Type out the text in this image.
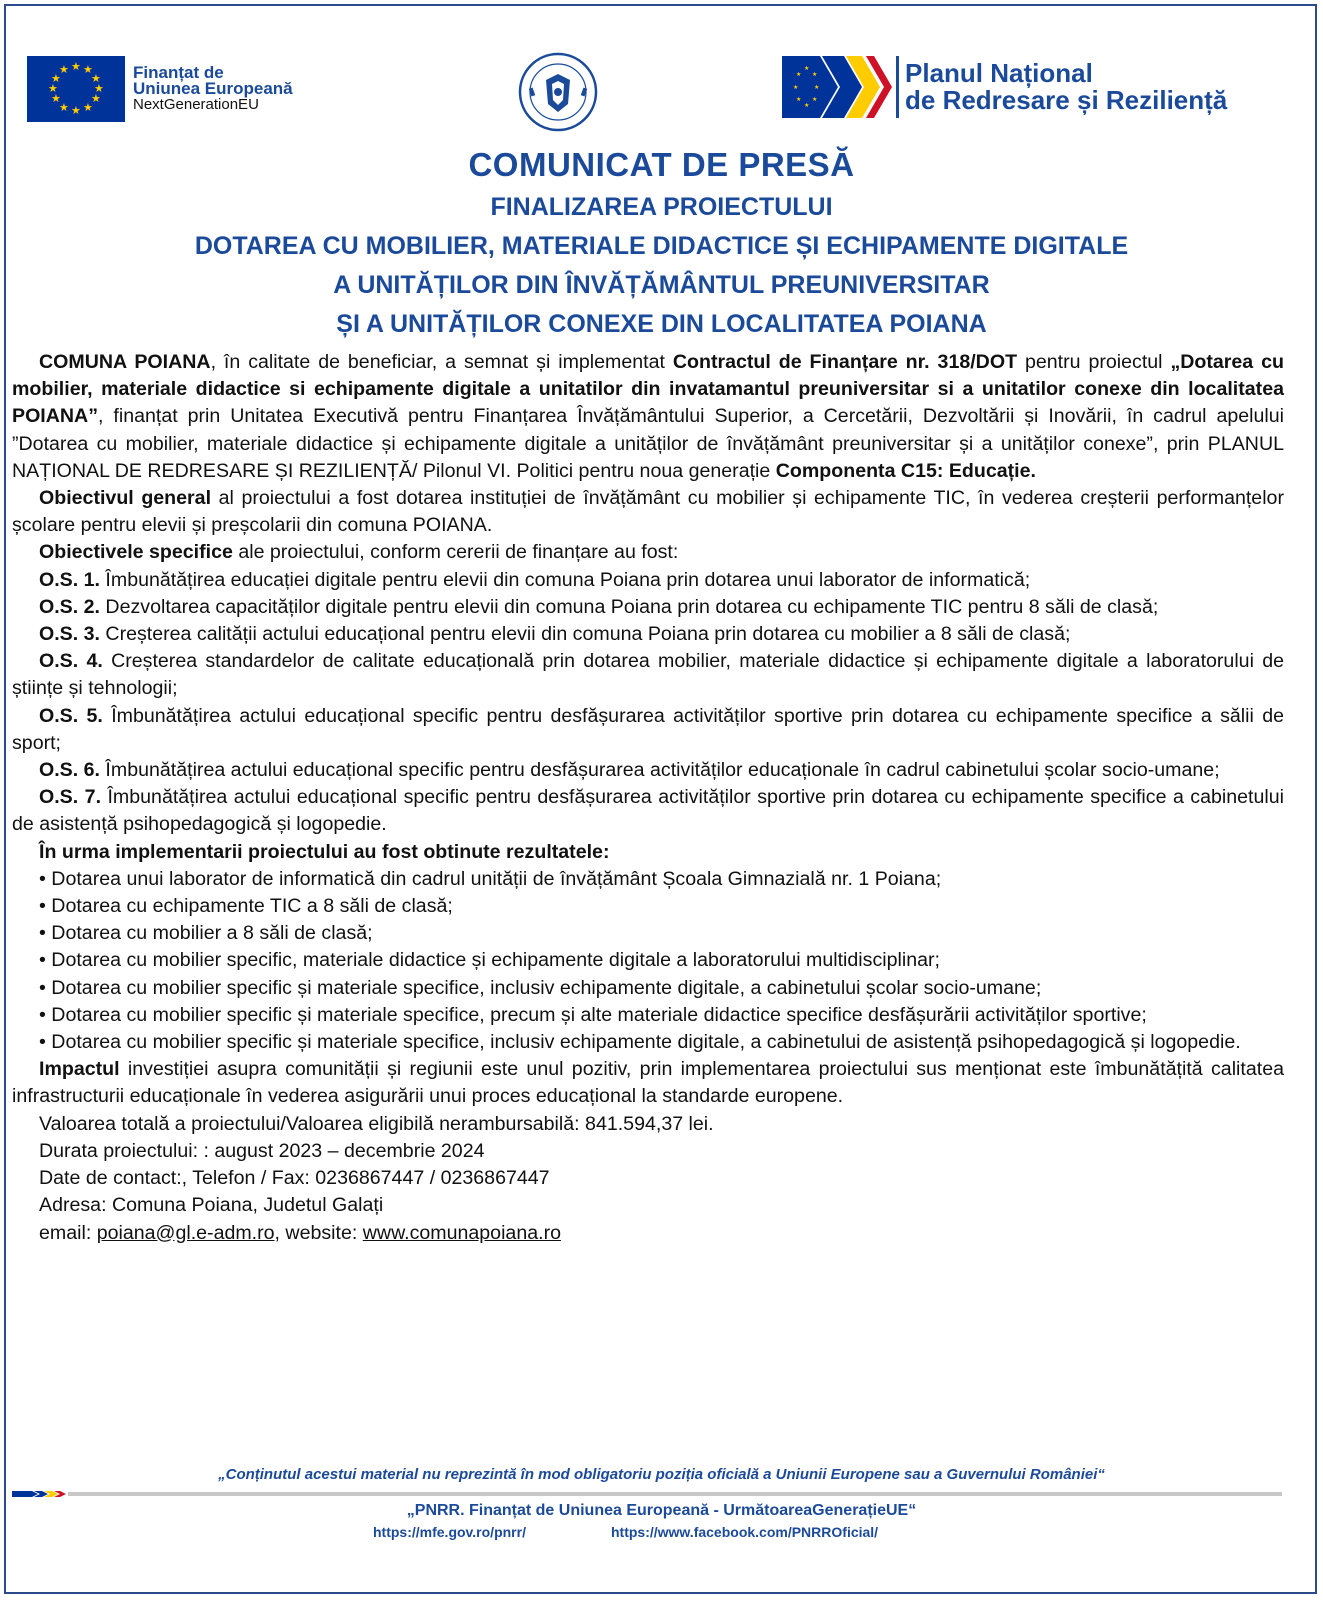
★ ★
★
★
★
★
★
★
★
★
★
★	Finanțat de
Uniunea Europeană
NextGenerationEU
★
★
★
★
★
★
★
★	Planul Național
de Redresare și Reziliență
COMUNICAT DE PRESĂ
FINALIZAREA PROIECTULUI
DOTAREA CU MOBILIER, MATERIALE DIDACTICE ȘI ECHIPAMENTE DIGITALE
A UNITĂȚILOR DIN ÎNVĂȚĂMÂNTUL PREUNIVERSITAR
ȘI A UNITĂȚILOR CONEXE DIN LOCALITATEA POIANA

COMUNA POIANA, în calitate de beneficiar, a semnat și implementat Contractul de Finanțare nr. 318/DOT pentru proiectul „Dotarea cu mobilier, materiale didactice si echipamente digitale a unitatilor din invatamantul preuniversitar si a unitatilor conexe din localitatea POIANA”, finanțat prin Unitatea Executivă pentru Finanțarea Învățământului Superior, a Cercetării, Dezvoltării și Inovării, în cadrul apelului ”Dotarea cu mobilier, materiale didactice și echipamente digitale a unităților de învățământ preuniversitar și a unităților conexe”, prin PLANUL NAȚIONAL DE REDRESARE ȘI REZILIENȚĂ/ Pilonul VI. Politici pentru noua generație Componenta C15: Educație.

Obiectivul general al proiectului a fost dotarea instituției de învățământ cu mobilier și echipamente TIC, în vederea creșterii performanțelor școlare pentru elevii și preșcolarii din comuna POIANA.

Obiectivele specifice ale proiectului, conform cererii de finanțare au fost:

O.S. 1. Îmbunătățirea educației digitale pentru elevii din comuna Poiana prin dotarea unui laborator de informatică;

O.S. 2. Dezvoltarea capacităților digitale pentru elevii din comuna Poiana prin dotarea cu echipamente TIC pentru 8 săli de clasă;

O.S. 3. Creșterea calității actului educațional pentru elevii din comuna Poiana prin dotarea cu mobilier a 8 săli de clasă;

O.S. 4. Creșterea standardelor de calitate educațională prin dotarea mobilier, materiale didactice și echipamente digitale a laboratorului de științe și tehnologii;

O.S. 5. Îmbunătățirea actului educațional specific pentru desfășurarea activităților sportive prin dotarea cu echipamente specifice a sălii de sport;

O.S. 6. Îmbunătățirea actului educațional specific pentru desfășurarea activităților educaționale în cadrul cabinetului școlar socio-umane;

O.S. 7. Îmbunătățirea actului educațional specific pentru desfășurarea activităților sportive prin dotarea cu echipamente specifice a cabinetului de asistență psihopedagogică și logopedie.

În urma implementarii proiectului au fost obtinute rezultatele:

• Dotarea unui laborator de informatică din cadrul unității de învățământ Școala Gimnazială nr. 1 Poiana;

• Dotarea cu echipamente TIC a 8 săli de clasă;

• Dotarea cu mobilier a 8 săli de clasă;

• Dotarea cu mobilier specific, materiale didactice și echipamente digitale a laboratorului multidisciplinar;

• Dotarea cu mobilier specific și materiale specifice, inclusiv echipamente digitale, a cabinetului școlar socio-umane;

• Dotarea cu mobilier specific și materiale specifice, precum și alte materiale didactice specifice desfășurării activităților sportive;

• Dotarea cu mobilier specific și materiale specifice, inclusiv echipamente digitale, a cabinetului de asistență psihopedagogică și logopedie.

Impactul investiției asupra comunității și regiunii este unul pozitiv, prin implementarea proiectului sus menționat este îmbunătățită calitatea infrastructurii educaționale în vederea asigurării unui proces educațional la standarde europene.

Valoarea totală a proiectului/Valoarea eligibilă nerambursabilă: 841.594,37 lei.

Durata proiectului: : august 2023 – decembrie 2024

Date de contact:, Telefon / Fax: 0236867447 / 0236867447

Adresa: Comuna Poiana, Judetul Galați

email: poiana@gl.e-adm.ro, website: www.comunapoiana.ro

„Conținutul acestui material nu reprezintă în mod obligatoriu poziția oficială a Uniunii Europene sau a Guvernului României“
„PNRR. Finanțat de Uniunea Europeană - UrmătoareaGenerațieUE“
https://mfe.gov.ro/pnrr/	https://www.facebook.com/PNRROficial/
